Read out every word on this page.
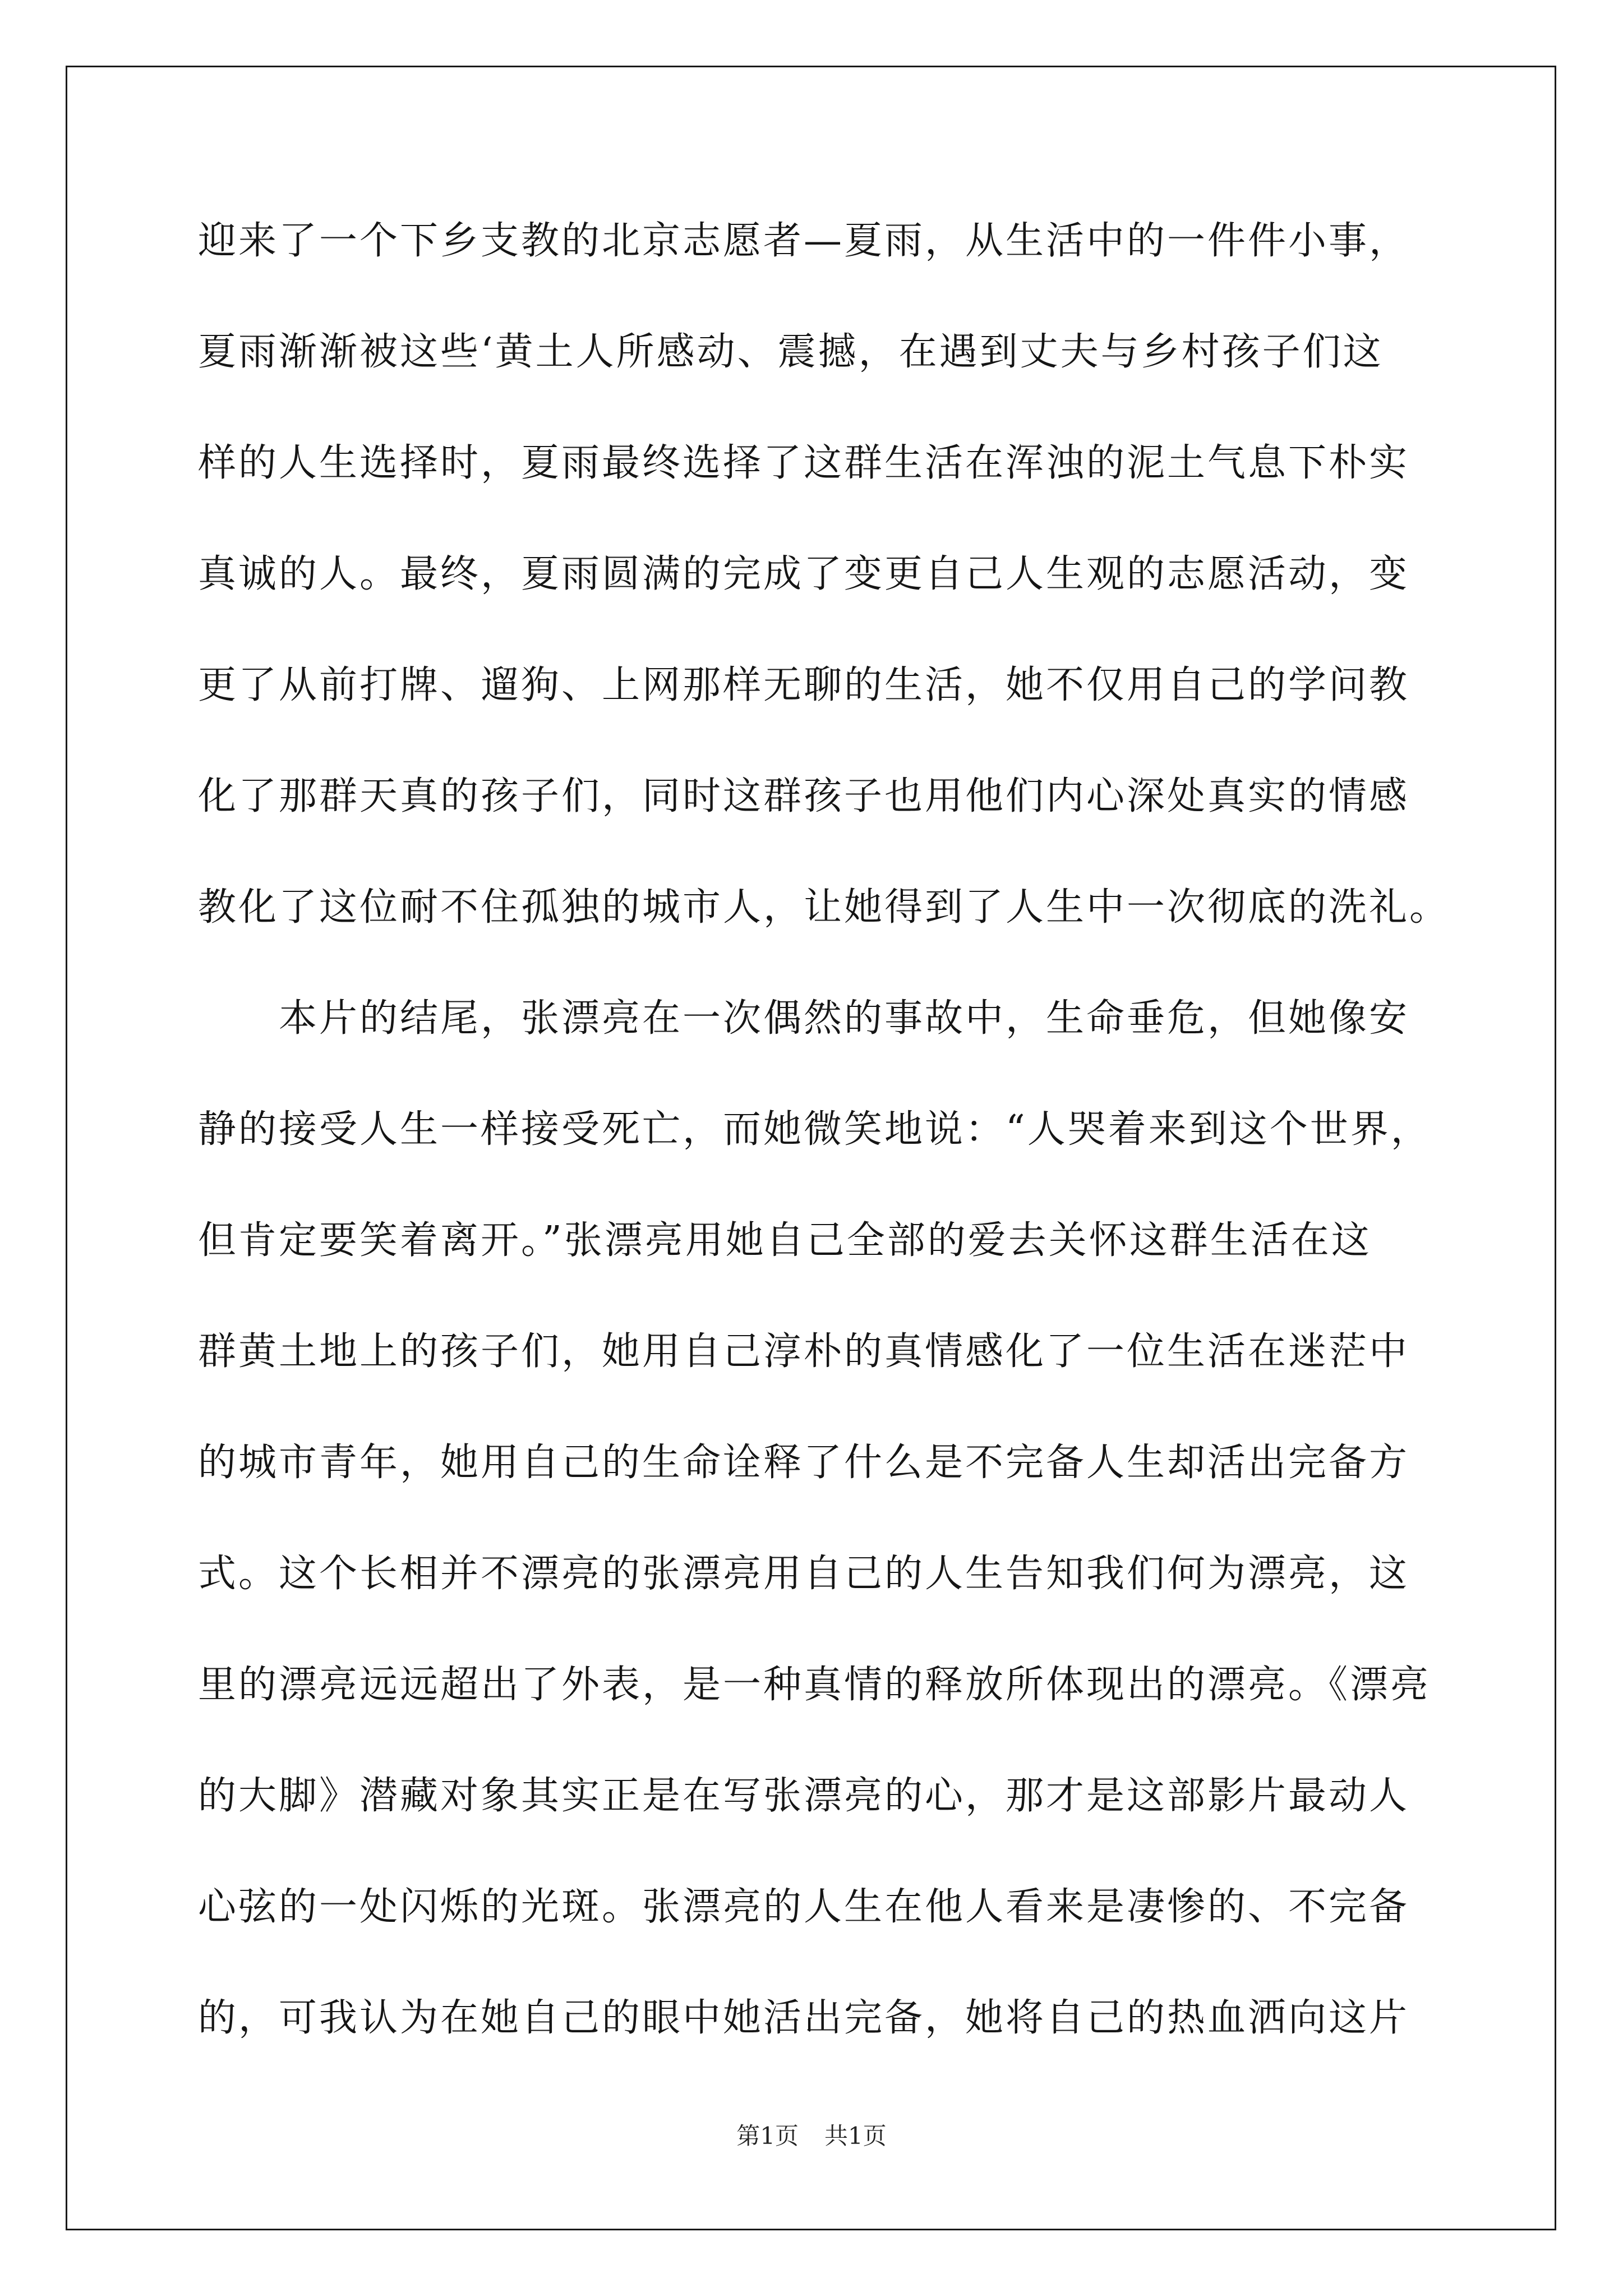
迎来了一个下乡支教的北京志愿者—夏雨，从生活中的一件件小事，
夏雨渐渐被这些‘黄土人所感动、震撼，在遇到丈夫与乡村孩子们这
样的人生选择时，夏雨最终选择了这群生活在浑浊的泥土气息下朴实
真诚的人。最终，夏雨圆满的完成了变更自己人生观的志愿活动，变
更了从前打牌、遛狗、上网那样无聊的生活，她不仅用自己的学问教
化了那群天真的孩子们，同时这群孩子也用他们内心深处真实的情感
教化了这位耐不住孤独的城市人，让她得到了人生中一次彻底的洗礼。
　　本片的结尾，张漂亮在一次偶然的事故中，生命垂危，但她像安
静的接受人生一样接受死亡，而她微笑地说：“人哭着来到这个世界，
但肯定要笑着离开。”张漂亮用她自己全部的爱去关怀这群生活在这
群黄土地上的孩子们，她用自己淳朴的真情感化了一位生活在迷茫中
的城市青年，她用自己的生命诠释了什么是不完备人生却活出完备方
式。这个长相并不漂亮的张漂亮用自己的人生告知我们何为漂亮，这
里的漂亮远远超出了外表，是一种真情的释放所体现出的漂亮。《漂亮
的大脚》潜藏对象其实正是在写张漂亮的心，那才是这部影片最动人
心弦的一处闪烁的光斑。张漂亮的人生在他人看来是凄惨的、不完备
的，可我认为在她自己的眼中她活出完备，她将自己的热血洒向这片
第1页 共1页
